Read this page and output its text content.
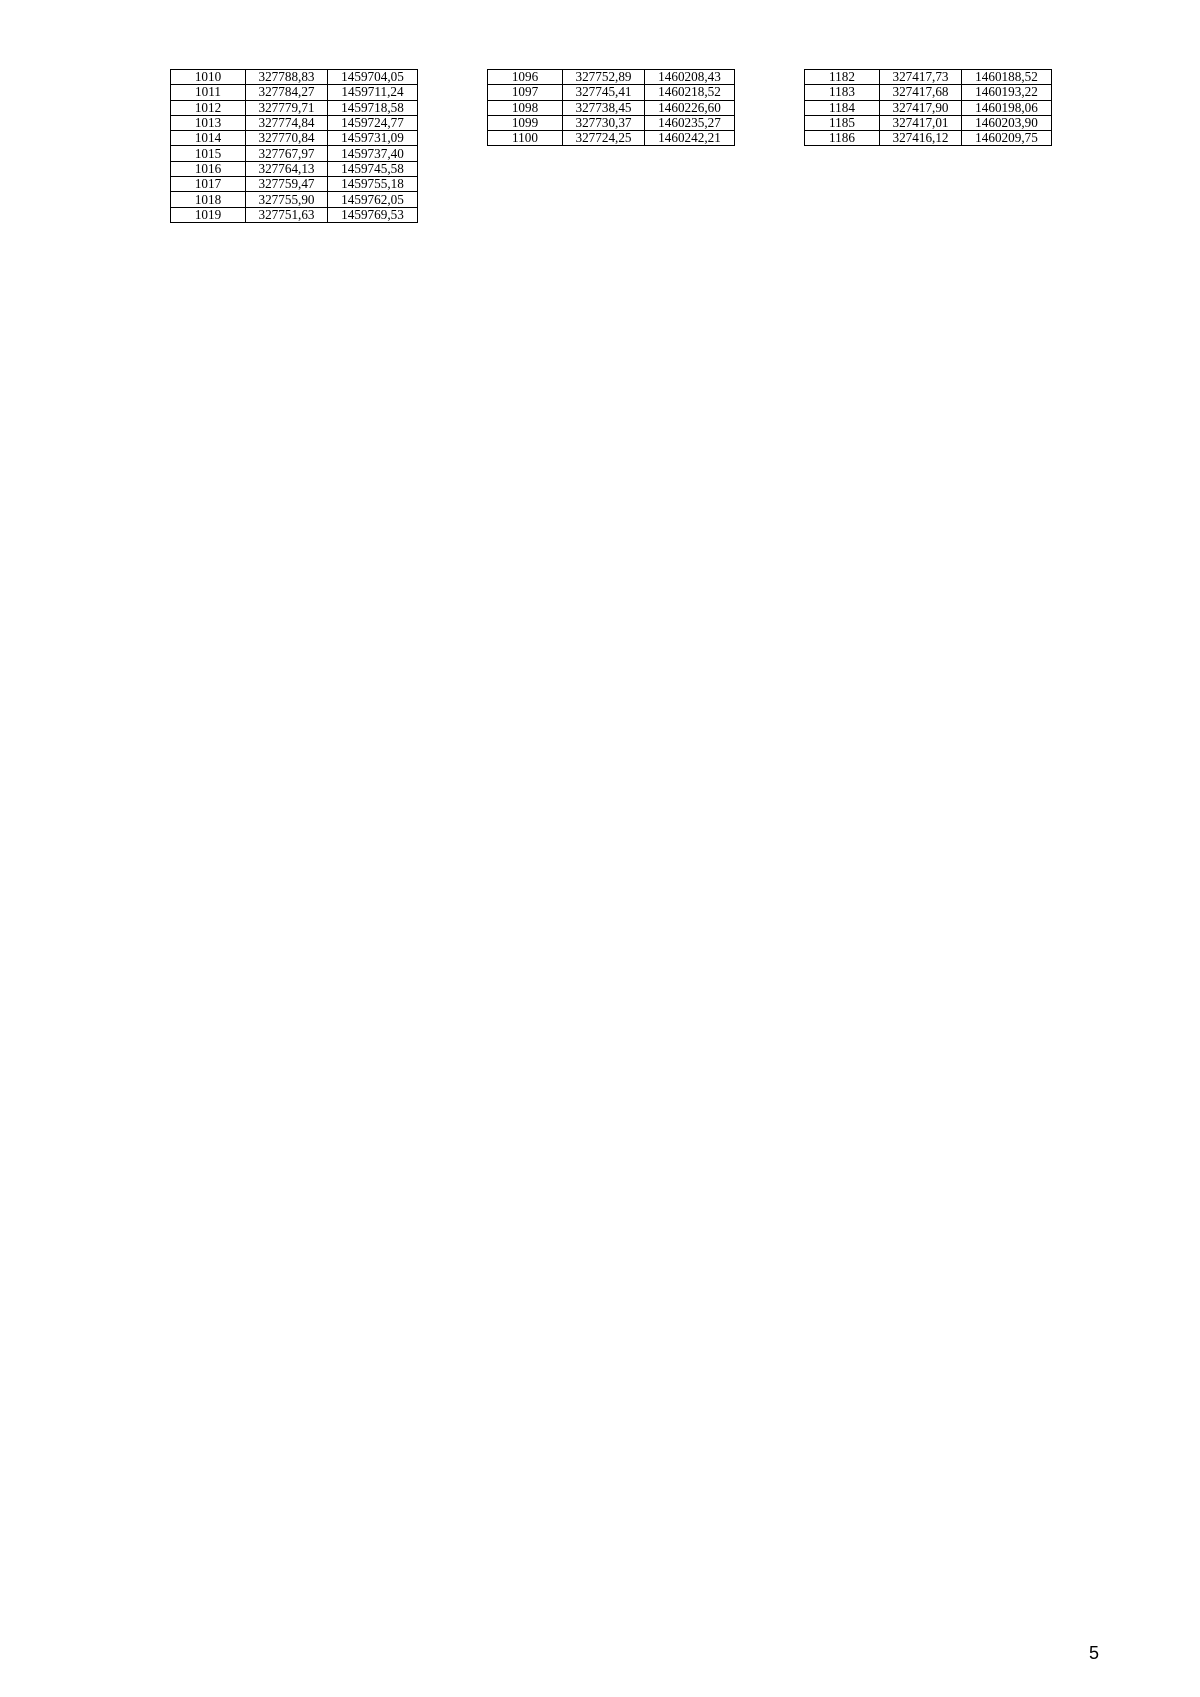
1010	327788,83	1459704,05
1011	327784,27	1459711,24
1012	327779,71	1459718,58
1013	327774,84	1459724,77
1014	327770,84	1459731,09
1015	327767,97	1459737,40
1016	327764,13	1459745,58
1017	327759,47	1459755,18
1018	327755,90	1459762,05
1019	327751,63	1459769,53
1096	327752,89	1460208,43
1097	327745,41	1460218,52
1098	327738,45	1460226,60
1099	327730,37	1460235,27
1100	327724,25	1460242,21
1182	327417,73	1460188,52
1183	327417,68	1460193,22
1184	327417,90	1460198,06
1185	327417,01	1460203,90
1186	327416,12	1460209,75
5
